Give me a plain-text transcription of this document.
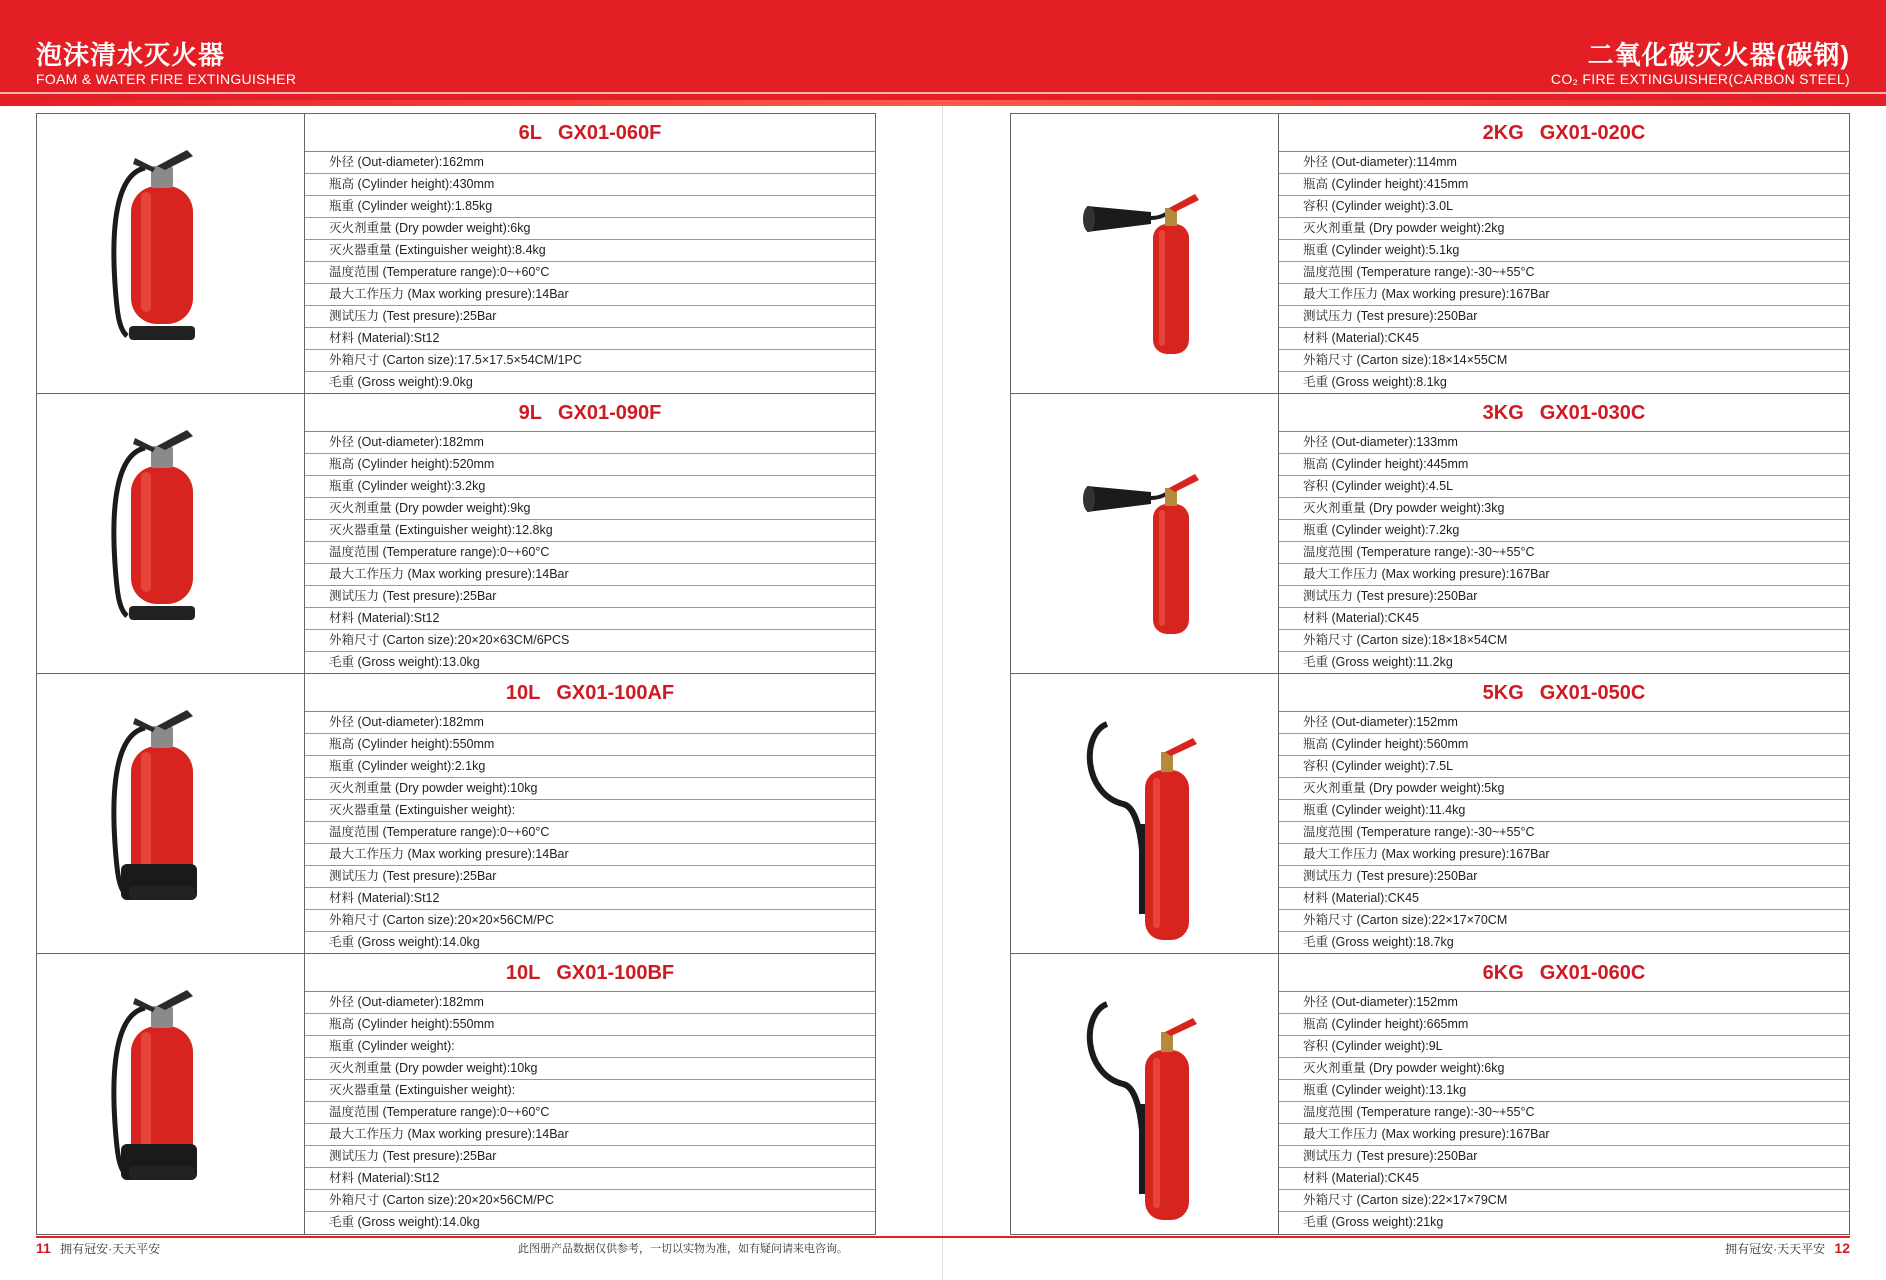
泡沫清水灭火器
FOAM & WATER FIRE EXTINGUISHER
二氧化碳灭火器(碳钢)
CO₂ FIRE EXTINGUISHER(CARBON STEEL)
6L GX01-060F
外径 (Out-diameter):162mm
瓶高 (Cylinder height):430mm
瓶重 (Cylinder weight):1.85kg
灭火剂重量 (Dry powder weight):6kg
灭火器重量 (Extinguisher weight):8.4kg
温度范围 (Temperature range):0~+60°C
最大工作压力 (Max working presure):14Bar
测试压力 (Test presure):25Bar
材料 (Material):St12
外箱尺寸 (Carton size):17.5×17.5×54CM/1PC
毛重 (Gross weight):9.0kg
9L GX01-090F
外径 (Out-diameter):182mm
瓶高 (Cylinder height):520mm
瓶重 (Cylinder weight):3.2kg
灭火剂重量 (Dry powder weight):9kg
灭火器重量 (Extinguisher weight):12.8kg
温度范围 (Temperature range):0~+60°C
最大工作压力 (Max working presure):14Bar
测试压力 (Test presure):25Bar
材料 (Material):St12
外箱尺寸 (Carton size):20×20×63CM/6PCS
毛重 (Gross weight):13.0kg
10L GX01-100AF
外径 (Out-diameter):182mm
瓶高 (Cylinder height):550mm
瓶重 (Cylinder weight):2.1kg
灭火剂重量 (Dry powder weight):10kg
灭火器重量 (Extinguisher weight):
温度范围 (Temperature range):0~+60°C
最大工作压力 (Max working presure):14Bar
测试压力 (Test presure):25Bar
材料 (Material):St12
外箱尺寸 (Carton size):20×20×56CM/PC
毛重 (Gross weight):14.0kg
10L GX01-100BF
外径 (Out-diameter):182mm
瓶高 (Cylinder height):550mm
瓶重 (Cylinder weight):
灭火剂重量 (Dry powder weight):10kg
灭火器重量 (Extinguisher weight):
温度范围 (Temperature range):0~+60°C
最大工作压力 (Max working presure):14Bar
测试压力 (Test presure):25Bar
材料 (Material):St12
外箱尺寸 (Carton size):20×20×56CM/PC
毛重 (Gross weight):14.0kg
2KG GX01-020C
外径 (Out-diameter):114mm
瓶高 (Cylinder height):415mm
容积 (Cylinder weight):3.0L
灭火剂重量 (Dry powder weight):2kg
瓶重 (Cylinder weight):5.1kg
温度范围 (Temperature range):-30~+55°C
最大工作压力 (Max working presure):167Bar
测试压力 (Test presure):250Bar
材料 (Material):CK45
外箱尺寸 (Carton size):18×14×55CM
毛重 (Gross weight):8.1kg
3KG GX01-030C
外径 (Out-diameter):133mm
瓶高 (Cylinder height):445mm
容积 (Cylinder weight):4.5L
灭火剂重量 (Dry powder weight):3kg
瓶重 (Cylinder weight):7.2kg
温度范围 (Temperature range):-30~+55°C
最大工作压力 (Max working presure):167Bar
测试压力 (Test presure):250Bar
材料 (Material):CK45
外箱尺寸 (Carton size):18×18×54CM
毛重 (Gross weight):11.2kg
5KG GX01-050C
外径 (Out-diameter):152mm
瓶高 (Cylinder height):560mm
容积 (Cylinder weight):7.5L
灭火剂重量 (Dry powder weight):5kg
瓶重 (Cylinder weight):11.4kg
温度范围 (Temperature range):-30~+55°C
最大工作压力 (Max working presure):167Bar
测试压力 (Test presure):250Bar
材料 (Material):CK45
外箱尺寸 (Carton size):22×17×70CM
毛重 (Gross weight):18.7kg
6KG GX01-060C
外径 (Out-diameter):152mm
瓶高 (Cylinder height):665mm
容积 (Cylinder weight):9L
灭火剂重量 (Dry powder weight):6kg
瓶重 (Cylinder weight):13.1kg
温度范围 (Temperature range):-30~+55°C
最大工作压力 (Max working presure):167Bar
测试压力 (Test presure):250Bar
材料 (Material):CK45
外箱尺寸 (Carton size):22×17×79CM
毛重 (Gross weight):21kg
11 拥有冠安·天天平安	此图册产品数据仅供参考，一切以实物为准，如有疑问请来电咨询。	拥有冠安·天天平安 12
